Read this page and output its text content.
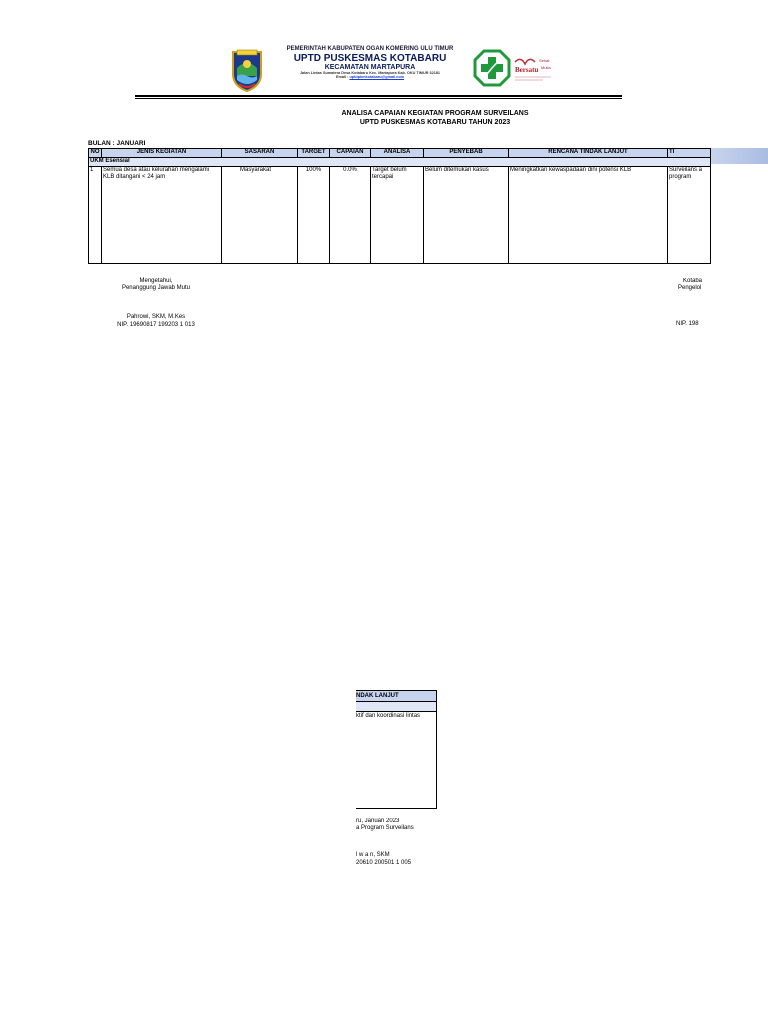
Bersatu
Sehat
Mulia
PEMERINTAH KABUPATEN OGAN KOMERING ULU TIMUR
UPTD PUSKESMAS KOTABARU
KECAMATAN MARTAPURA
Jalan Lintas Sumatera Desa Kotabaru Kec. Martapura Kab. OKU TIMUR 32181
Email : uptdpkmkotabaru@gmail.com
ANALISA CAPAIAN KEGIATAN PROGRAM SURVEILANS
UPTD PUSKESMAS KOTABARU TAHUN 2023
BULAN : JANUARI
NO	JENIS KEGIATAN	SASARAN	TARGET	CAPAIAN	ANALISA	PENYEBAB	RENCANA TINDAK LANJUT	TI
UKM Esensial								
1	Semua desa atau kelurahan mengalami KLB ditangani < 24 jam	Masyarakat	100%	0.0%	Target belum tercapai	Belum ditemukan kasus	Meningkatkan kewaspadaan dini potensi KLB	Surveilans a program
Mengetahui,
Penanggung Jawab Mutu
Pahrowi, SKM, M.Kes
NIP. 19690817 199203 1 013
Kotaba
Pengelol
NIP. 198
NDAK LANJUT
ktif dan koordinasi lintas
ru, Januari 2023
a Program Surveilans
l w a n, SKM
20610 200501 1 005
